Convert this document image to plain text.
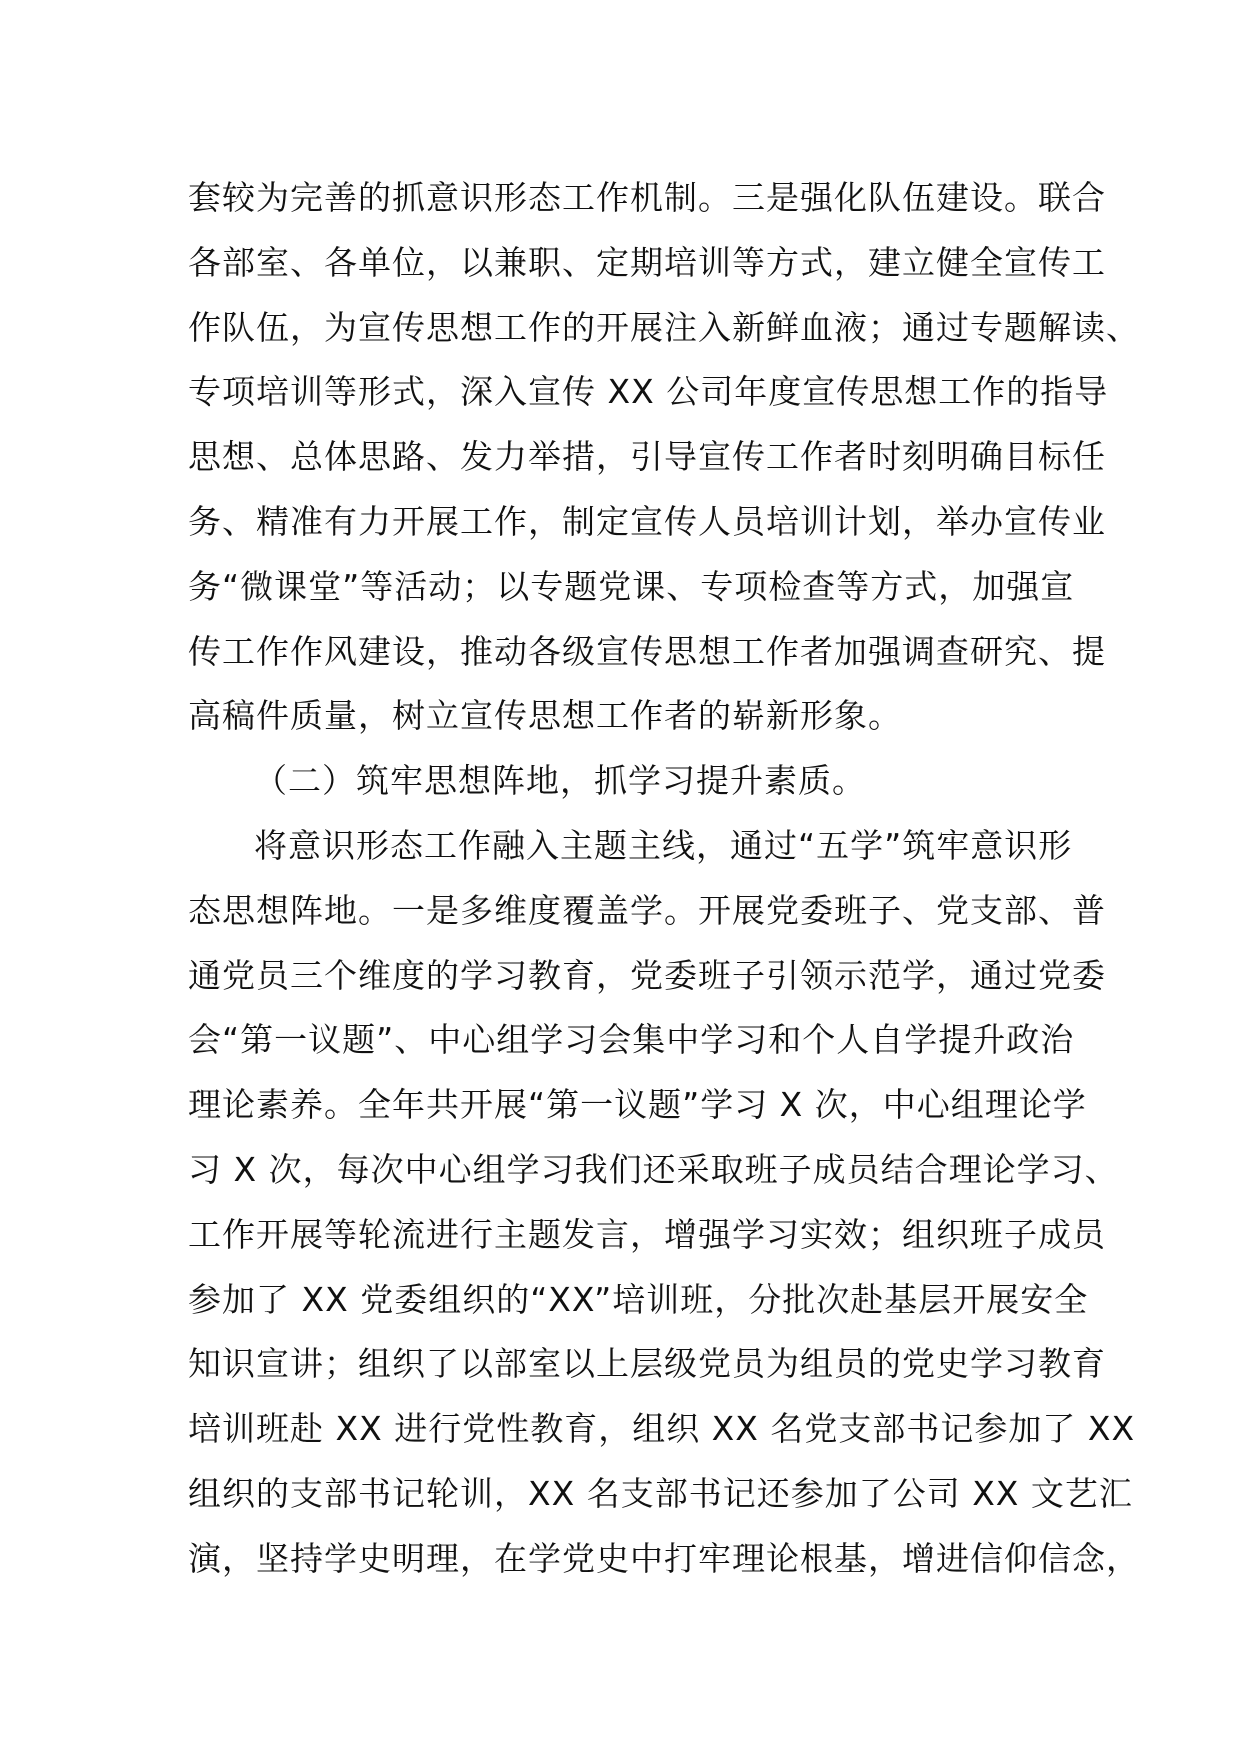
套较为完善的抓意识形态工作机制。三是强化队伍建设。联合
各部室、各单位，以兼职、定期培训等方式，建立健全宣传工
作队伍，为宣传思想工作的开展注入新鲜血液；通过专题解读、
专项培训等形式，深入宣传 XX 公司年度宣传思想工作的指导
思想、总体思路、发力举措，引导宣传工作者时刻明确目标任
务、精准有力开展工作，制定宣传人员培训计划，举办宣传业
务“微课堂”等活动；以专题党课、专项检查等方式，加强宣
传工作作风建设，推动各级宣传思想工作者加强调查研究、提
高稿件质量，树立宣传思想工作者的崭新形象。
（二）筑牢思想阵地，抓学习提升素质。
将意识形态工作融入主题主线，通过“五学”筑牢意识形
态思想阵地。一是多维度覆盖学。开展党委班子、党支部、普
通党员三个维度的学习教育，党委班子引领示范学，通过党委
会“第一议题”、中心组学习会集中学习和个人自学提升政治
理论素养。全年共开展“第一议题”学习 X 次，中心组理论学
习 X 次，每次中心组学习我们还采取班子成员结合理论学习、
工作开展等轮流进行主题发言，增强学习实效；组织班子成员
参加了 XX 党委组织的“XX”培训班，分批次赴基层开展安全
知识宣讲；组织了以部室以上层级党员为组员的党史学习教育
培训班赴 XX 进行党性教育，组织 XX 名党支部书记参加了 XX
组织的支部书记轮训，XX 名支部书记还参加了公司 XX 文艺汇
演，坚持学史明理，在学党史中打牢理论根基，增进信仰信念，
